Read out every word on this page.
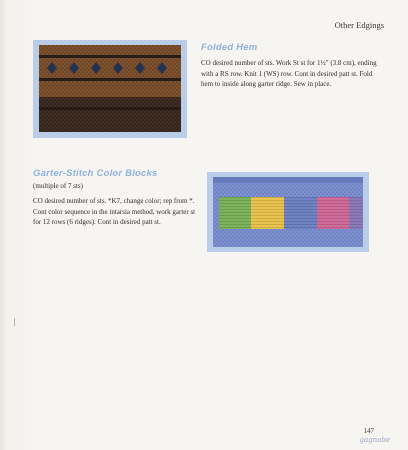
Other Edgings
Folded Hem

CO desired number of sts. Work St st for 1½" (3.8 cm), ending with a RS row. Knit 1 (WS) row. Cont in desired patt st. Fold hem to inside along garter ridge. Sew in place.

Garter-Stitch Color Blocks

(multiple of 7 sts)

CO desired number of sts. *K7, change color; rep from *. Cont color sequence in the intarsia method, work garter st for 12 rows (6 ridges). Cont in desired patt st.

147
gagnabe
